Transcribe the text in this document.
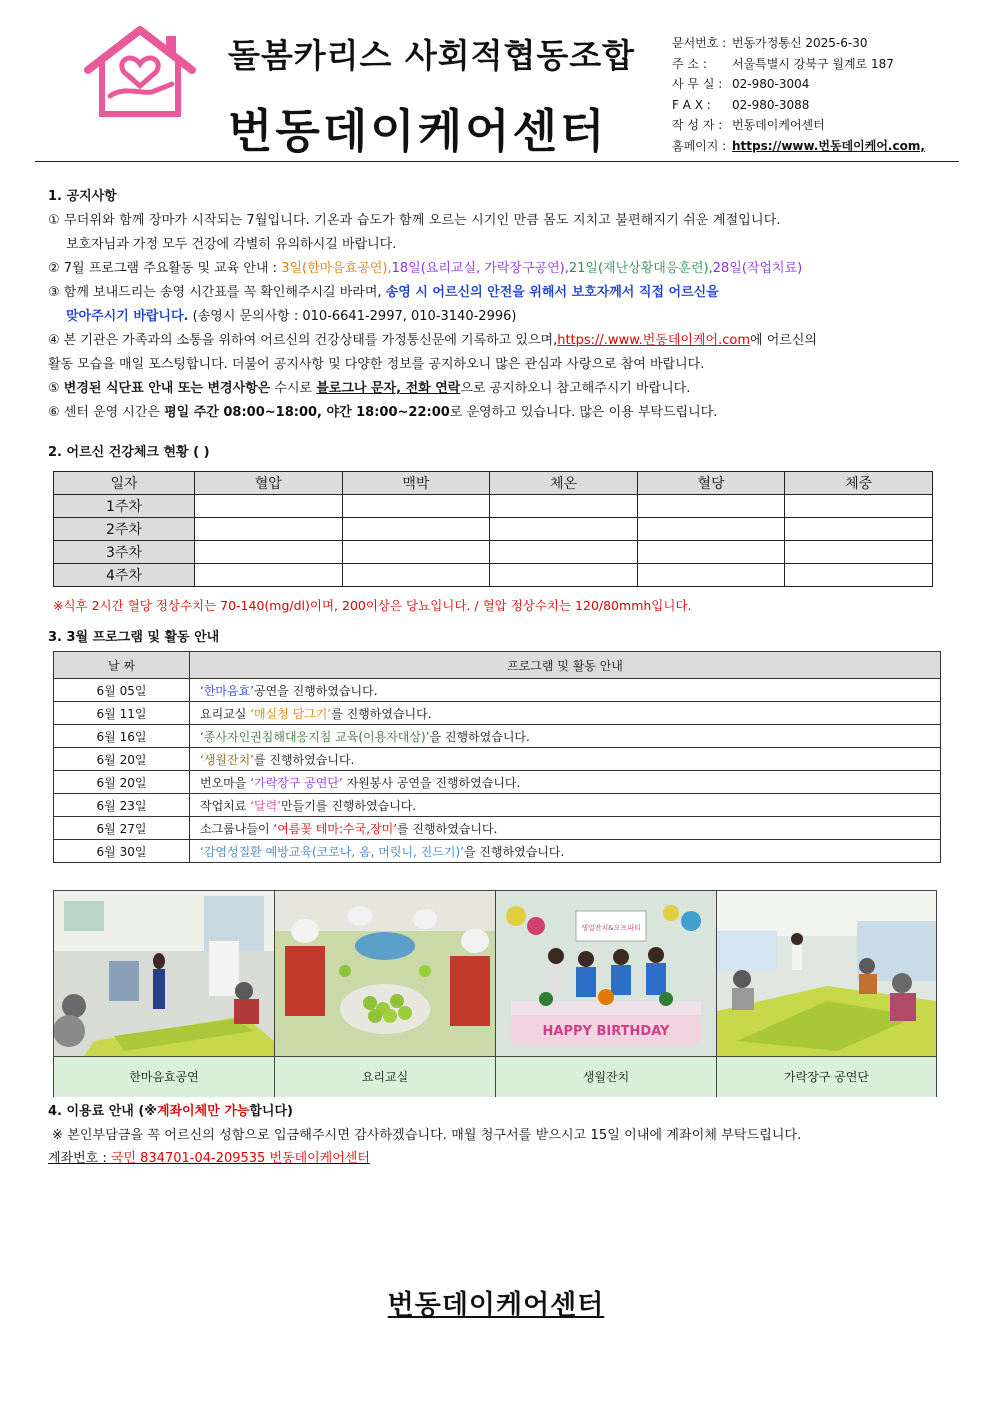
돌봄카리스 사회적협동조합
번동데이케어센터
문서번호 : 번동가정통신 2025-6-30
주 소 : 서울특별시 강북구 월계로 187
사 무 실 : 02-980-3004
F A X : 02-980-3088
작 성 자 : 번동데이케어센터
홈페이지 : https://www.번동데이케어.com,
1. 공지사항
① 무더위와 함께 장마가 시작되는 7월입니다. 기온과 습도가 함께 오르는 시기인 만큼 몸도 지치고 불편해지기 쉬운 계절입니다.
보호자님과 가정 모두 건강에 각별히 유의하시길 바랍니다.
② 7월 프로그램 주요활동 및 교육 안내 : 3일(한마음효공연),18일(요리교실, 가락장구공연),21일(재난상황대응훈련),28일(작업치료)
③ 함께 보내드리는 송영 시간표를 꼭 확인해주시길 바라며, 송영 시 어르신의 안전을 위해서 보호자께서 직접 어르신을
맞아주시기 바랍니다. (송영시 문의사항 : 010-6641-2997, 010-3140-2996)
④ 본 기관은 가족과의 소통을 위하여 어르신의 건강상태를 가정통신문에 기록하고 있으며,https://.www.번동데이케어.com에 어르신의
활동 모습을 매일 포스팅합니다. 더불어 공지사항 및 다양한 정보를 공지하오니 많은 관심과 사랑으로 참여 바랍니다.
⑤ 변경된 식단표 안내 또는 변경사항은 수시로 블로그나 문자, 전화 연락으로 공지하오니 참고해주시기 바랍니다.
⑥ 센터 운영 시간은 평일 주간 08:00~18:00, 야간 18:00~22:00로 운영하고 있습니다. 많은 이용 부탁드립니다.
2. 어르신 건강체크 현황 ( )
일자	혈압	맥박	체온	혈당	체중
1주차					
2주차					
3주차					
4주차					
※식후 2시간 혈당 정상수치는 70-140(mg/dl)이며, 200이상은 당뇨입니다. / 혈압 정상수치는 120/80mmh입니다.
3. 3월 프로그램 및 활동 안내
날 짜	프로그램 및 활동 안내
6월 05일	‘한마음효’공연을 진행하였습니다.
6월 11일	요리교실 ‘매실청 담그기’를 진행하였습니다.
6월 16일	‘종사자인권침해대응지침 교육(이용자대상)’을 진행하였습니다.
6월 20일	‘생월잔치’를 진행하였습니다.
6월 20일	번오마을 ‘가락장구 공연단’ 자원봉사 공연을 진행하였습니다.
6월 23일	작업치료 ‘달력’만들기를 진행하였습니다.
6월 27일	소그룹나들이 ‘여름꽃 테마:수국,장미’를 진행하였습니다.
6월 30일	‘감염성질환 예방교육(코로나, 옴, 머릿니, 진드기)’을 진행하였습니다.
생일잔치&오프파티
HAPPY BIRTHDAY
한마음효공연	요리교실	생월잔치	가락장구 공연단
4. 이용료 안내 (※계좌이체만 가능합니다)
※ 본인부담금을 꼭 어르신의 성함으로 입금해주시면 감사하겠습니다. 매월 청구서를 받으시고 15일 이내에 계좌이체 부탁드립니다.
계좌번호 : 국민 834701-04-209535 번동데이케어센터
번동데이케어센터
